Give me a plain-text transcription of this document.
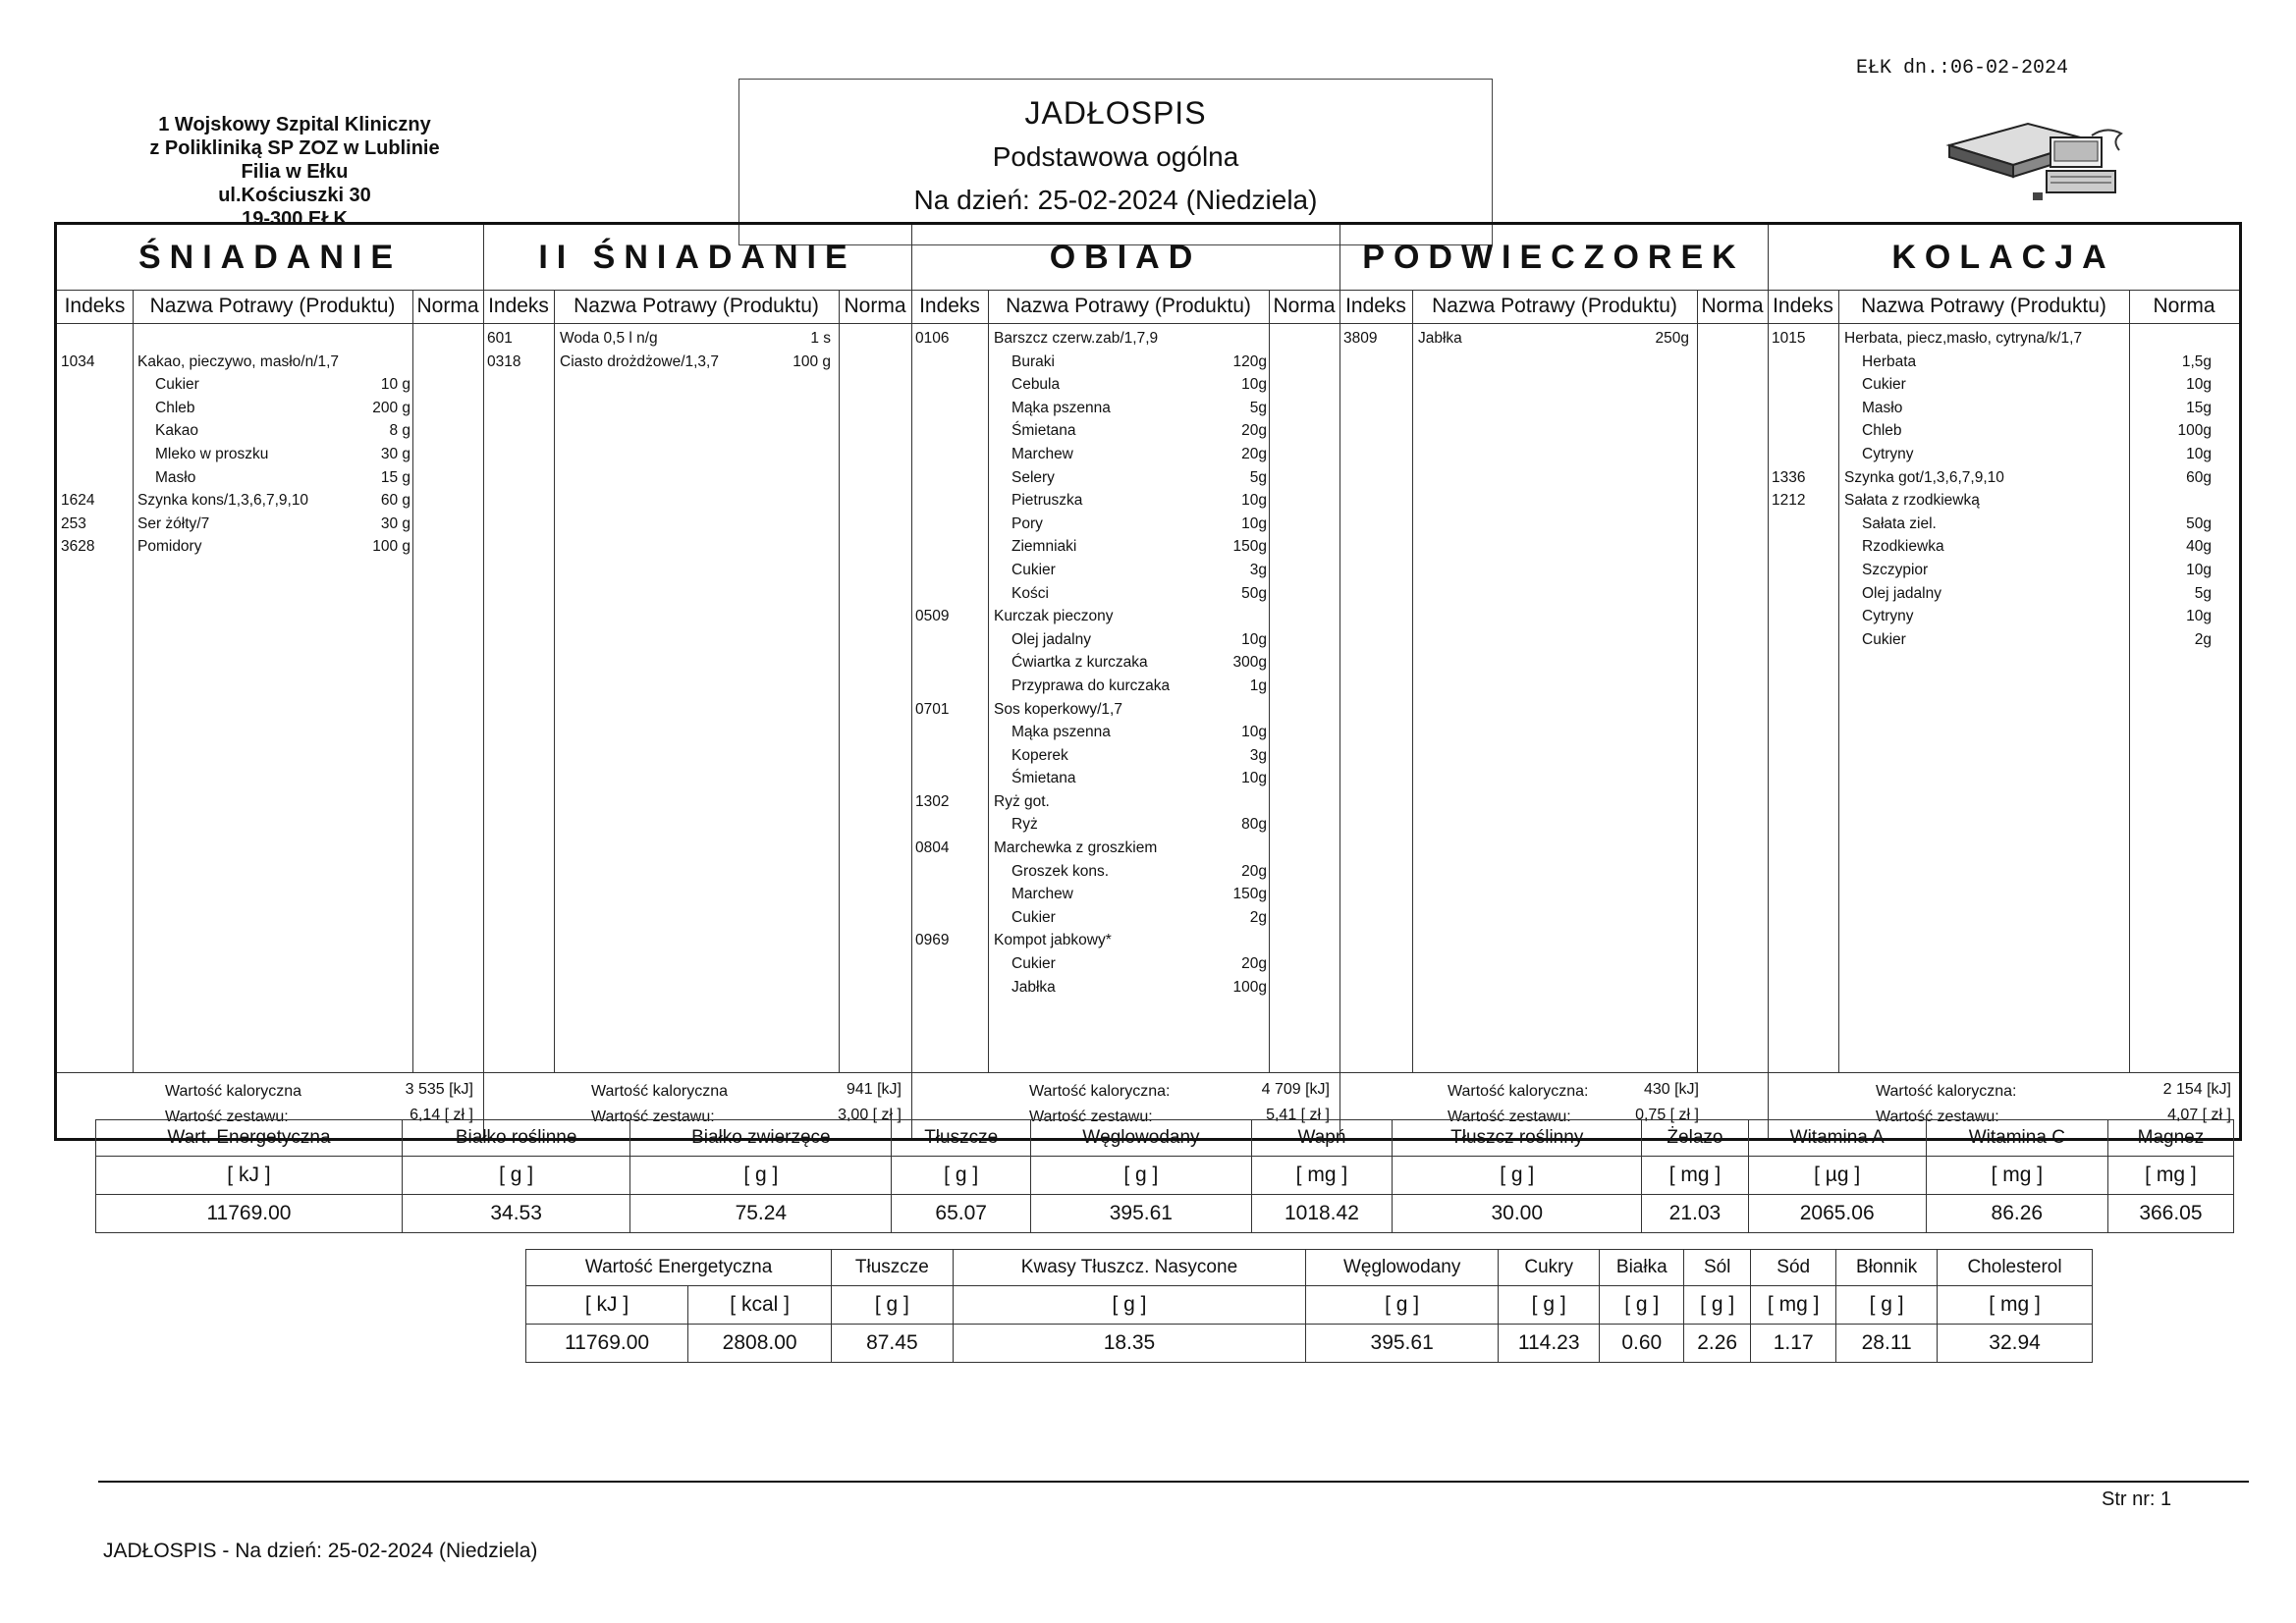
1 Wojskowy Szpital Kliniczny
z Polikliniką SP ZOZ w Lublinie
Filia w Ełku
ul.Kościuszki 30
19-300 EŁK
JADŁOSPIS
Podstawowa ogólna
Na dzień: 25-02-2024 (Niedziela)
EŁK dn.:06-02-2024
ŚNIADANIE
Indeks	Nazwa Potrawy (Produktu)	Norma
1034	Kakao, pieczywo, masło/n/1,7
Cukier	10 g
Chleb	200 g
Kakao	8 g
Mleko w proszku	30 g
Masło	15 g
1624	Szynka kons/1,3,6,7,9,10	60 g
253	Ser żółty/7	30 g
3628	Pomidory	100 g
Wartość kaloryczna	3 535 [kJ]
Wartość zestawu:	6,14 [ zł ]
II ŚNIADANIE
Indeks	Nazwa Potrawy (Produktu)	Norma
601	Woda 0,5 l n/g	1 s
0318	Ciasto drożdżowe/1,3,7	100 g
Wartość kaloryczna	941 [kJ]
Wartość zestawu:	3,00 [ zł ]
OBIAD
Indeks	Nazwa Potrawy (Produktu)	Norma
0106	Barszcz czerw.zab/1,7,9
Buraki	120g
Cebula	10g
Mąka pszenna	5g
Śmietana	20g
Marchew	20g
Selery	5g
Pietruszka	10g
Pory	10g
Ziemniaki	150g
Cukier	3g
Kości	50g
0509	Kurczak pieczony
Olej jadalny	10g
Ćwiartka z kurczaka	300g
Przyprawa do kurczaka	1g
0701	Sos koperkowy/1,7
Mąka pszenna	10g
Koperek	3g
Śmietana	10g
1302	Ryż got.
Ryż	80g
0804	Marchewka z groszkiem
Groszek kons.	20g
Marchew	150g
Cukier	2g
0969	Kompot jabkowy*
Cukier	20g
Jabłka	100g
Wartość kaloryczna:	4 709 [kJ]
Wartość zestawu:	5,41 [ zł ]
PODWIECZOREK
Indeks	Nazwa Potrawy (Produktu)	Norma
3809	Jabłka	250g
Wartość kaloryczna:	430 [kJ]
Wartość zestawu:	0,75 [ zł ]
KOLACJA
Indeks	Nazwa Potrawy (Produktu)	Norma
1015	Herbata, piecz,masło, cytryna/k/1,7
Herbata	1,5g
Cukier	10g
Masło	15g
Chleb	100g
Cytryny	10g
1336	Szynka got/1,3,6,7,9,10	60g
1212	Sałata z rzodkiewką
Sałata ziel.	50g
Rzodkiewka	40g
Szczypior	10g
Olej jadalny	5g
Cytryny	10g
Cukier	2g
Wartość kaloryczna:	2 154 [kJ]
Wartość zestawu:	4,07 [ zł ]
Wart. Energetyczna	Białko roślinne	Białko zwierzęce	Tłuszcze	Węglowodany	Wapń	Tłuszcz roślinny	Żelazo	Witamina A	Witamina C	Magnez
[ kJ ]	[ g ]	[ g ]	[ g ]	[ g ]	[ mg ]	[ g ]	[ mg ]	[ µg ]	[ mg ]	[ mg ]
11769.00	34.53	75.24	65.07	395.61	1018.42	30.00	21.03	2065.06	86.26	366.05
Wartość Energetyczna		Tłuszcze	Kwasy Tłuszcz. Nasycone	Węglowodany	Cukry	Białka	Sól	Sód	Błonnik	Cholesterol
[ kJ ]	[ kcal ]	[ g ]	[ g ]	[ g ]	[ g ]	[ g ]	[ g ]	[ mg ]	[ g ]	[ mg ]
11769.00	2808.00	87.45	18.35	395.61	114.23	0.60	2.26	1.17	28.11	32.94
Str nr: 1
JADŁOSPIS - Na dzień: 25-02-2024 (Niedziela)
